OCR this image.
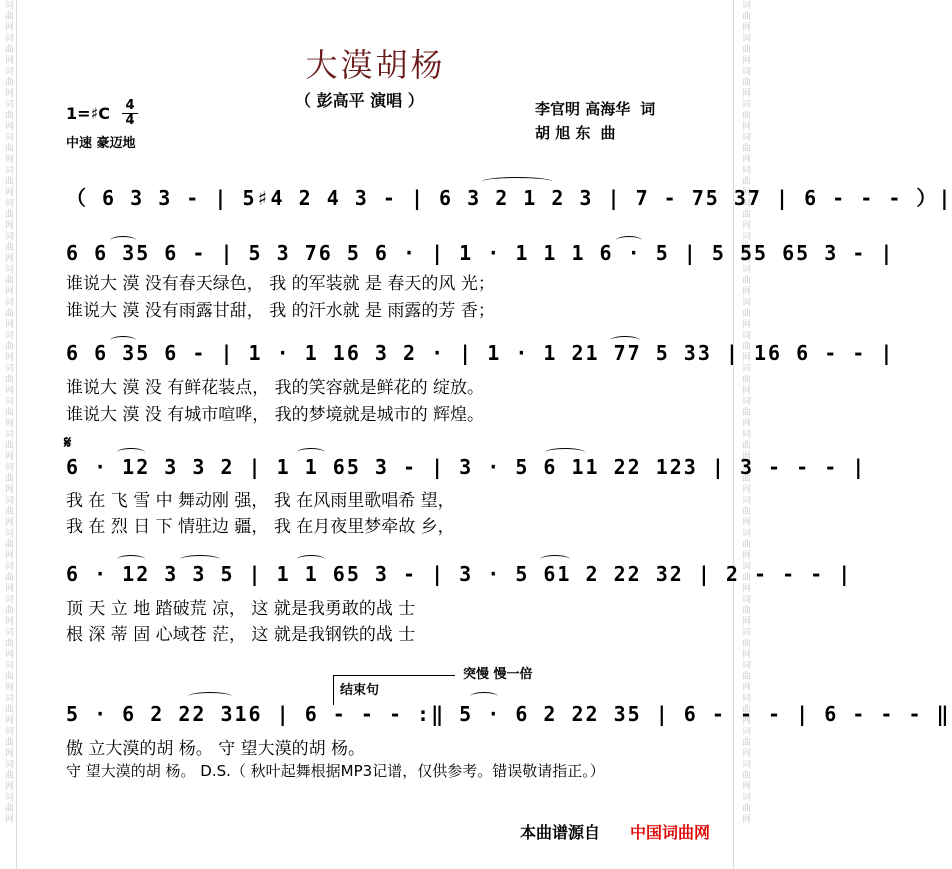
词曲网词曲网词曲网词曲网词曲网词曲网词曲网词曲网词曲网词曲网词曲网词曲网词曲网词曲网词曲网词曲网词曲网词曲网词曲网词曲网词曲网词曲网词曲网词曲网词曲网	词曲网词曲网词曲网词曲网词曲网词曲网词曲网词曲网词曲网词曲网词曲网词曲网词曲网词曲网词曲网词曲网词曲网词曲网词曲网词曲网词曲网词曲网词曲网词曲网词曲网
大漠胡杨
（ 彭高平 演唱 ）
1=♯C 4
4
中速 豪迈地
李官明 高海华 词
胡 旭 东 曲
（ 6 3 3 - | 5♯4 2 4 3 - | 6 3 2 1 2 3 | 7 - 75 37 | 6 - - - ）|
6 6 35 6 - | 5 3 76 5 6 · | 1 · 1 1 1 6 · 5 | 5 55 65 3 - |
谁说大 漠 没有春天绿色， 我 的军装就 是 春天的风 光；
谁说大 漠 没有雨露甘甜， 我 的汗水就 是 雨露的芳 香；
6 6 35 6 - | 1 · 1 16 3 2 · | 1 · 1 21 77 5 33 | 16 6 - - |
谁说大 漠 没 有鲜花装点， 我的笑容就是鲜花的 绽放。
谁说大 漠 没 有城市喧哗， 我的梦境就是城市的 辉煌。
𝄋
6 · 12 3 3 2 | 1 1 65 3 - | 3 · 5 6 11 22 123 | 3 - - - |
我 在 飞 雪 中 舞动刚 强， 我 在风雨里歌唱希 望，
我 在 烈 日 下 情驻边 疆， 我 在月夜里梦牵故 乡，
6 · 12 3 3 5 | 1 1 65 3 - | 3 · 5 61 2 22 32 | 2 - - - |
顶 天 立 地 踏破荒 凉， 这 就是我勇敢的战 士
根 深 蒂 固 心域苍 茫， 这 就是我钢铁的战 士
结束句
突慢 慢一倍
5 · 6 2 22 316 | 6 - - - :‖ 5 · 6 2 22 35 | 6 - - - | 6 - - - ‖
傲 立大漠的胡 杨。 守 望大漠的胡 杨。
守 望大漠的胡 杨。 D.S.（ 秋叶起舞根据MP3记谱，仅供参考。错误敬请指正。）
本曲谱源自 中国词曲网
